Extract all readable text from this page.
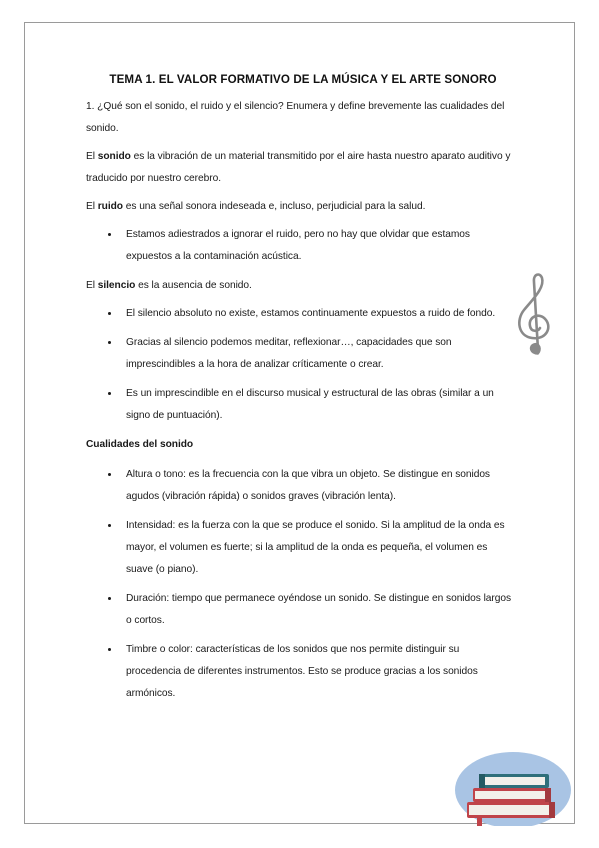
TEMA 1. EL VALOR FORMATIVO DE LA MÚSICA Y EL ARTE SONORO
1. ¿Qué son el sonido, el ruido y el silencio? Enumera y define brevemente las cualidades del sonido.
El sonido es la vibración de un material transmitido por el aire hasta nuestro aparato auditivo y traducido por nuestro cerebro.
El ruido es una señal sonora indeseada e, incluso, perjudicial para la salud.
• Estamos adiestrados a ignorar el ruido, pero no hay que olvidar que estamos expuestos a la contaminación acústica.
El silencio es la ausencia de sonido.
• El silencio absoluto no existe, estamos continuamente expuestos a ruido de fondo.
• Gracias al silencio podemos meditar, reflexionar…, capacidades que son imprescindibles a la hora de analizar críticamente o crear.
• Es un imprescindible en el discurso musical y estructural de las obras (similar a un signo de puntuación).
Cualidades del sonido
• Altura o tono: es la frecuencia con la que vibra un objeto. Se distingue en sonidos agudos (vibración rápida) o sonidos graves (vibración lenta).
• Intensidad: es la fuerza con la que se produce el sonido. Si la amplitud de la onda es mayor, el volumen es fuerte; si la amplitud de la onda es pequeña, el volumen es suave (o piano).
• Duración: tiempo que permanece oyéndose un sonido. Se distingue en sonidos largos o cortos.
• Timbre o color: características de los sonidos que nos permite distinguir su procedencia de diferentes instrumentos. Esto se produce gracias a los sonidos armónicos.
